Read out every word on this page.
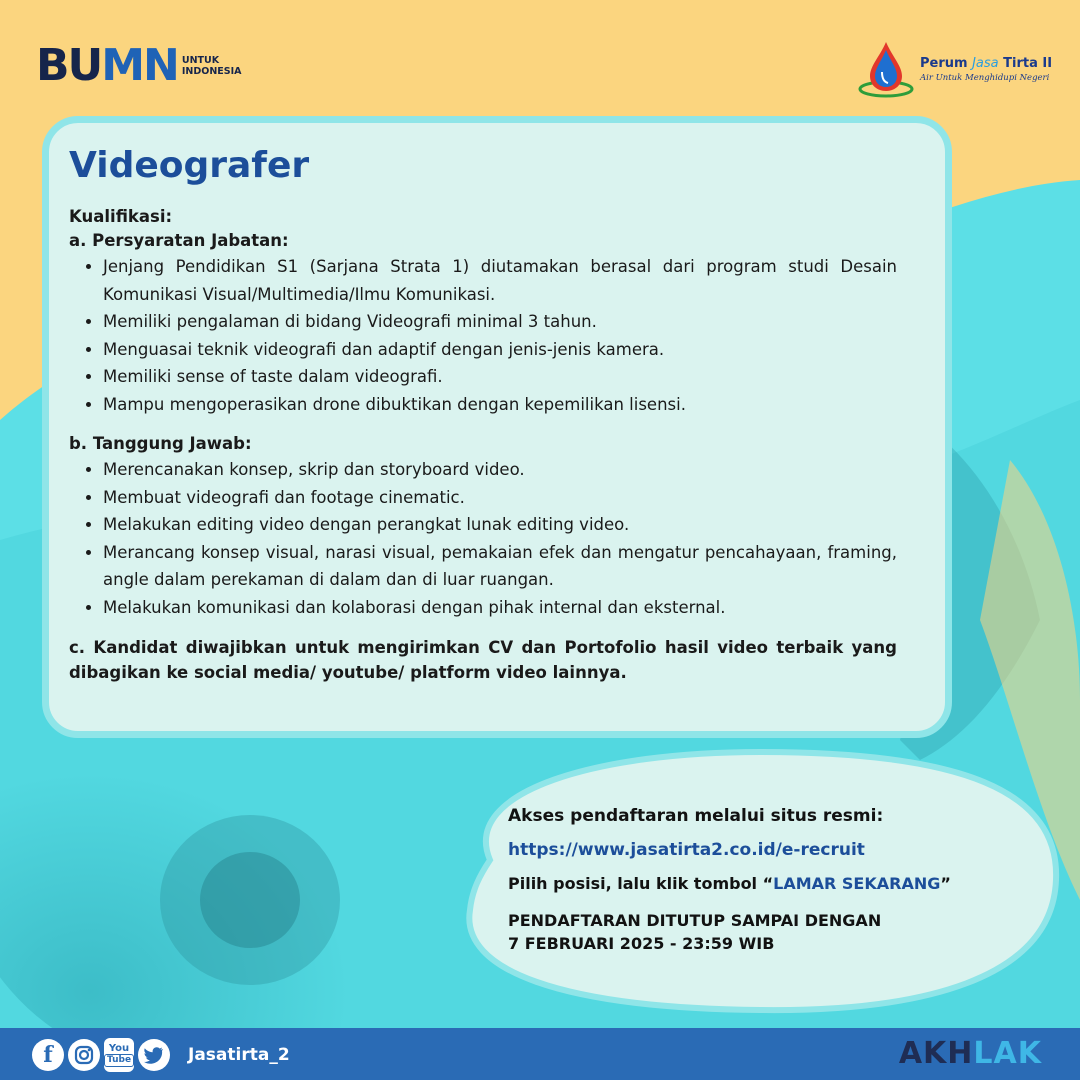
BUMN UNTUK
INDONESIA
Perum Jasa Tirta II
Air Untuk Menghidupi Negeri
Videografer

Kualifikasi:

a. Persyaratan Jabatan:

• Jenjang Pendidikan S1 (Sarjana Strata 1) diutamakan berasal dari program studi Desain Komunikasi Visual/Multimedia/Ilmu Komunikasi.
• Memiliki pengalaman di bidang Videografi minimal 3 tahun.
• Menguasai teknik videografi dan adaptif dengan jenis-jenis kamera.
• Memiliki sense of taste dalam videografi.
• Mampu mengoperasikan drone dibuktikan dengan kepemilikan lisensi.

b. Tanggung Jawab:

• Merencanakan konsep, skrip dan storyboard video.
• Membuat videografi dan footage cinematic.
• Melakukan editing video dengan perangkat lunak editing video.
• Merancang konsep visual, narasi visual, pemakaian efek dan mengatur pencahayaan, framing, angle dalam perekaman di dalam dan di luar ruangan.
• Melakukan komunikasi dan kolaborasi dengan pihak internal dan eksternal.

c. Kandidat diwajibkan untuk mengirimkan CV dan Portofolio hasil video terbaik yang dibagikan ke social media/ youtube/ platform video lainnya.

Akses pendaftaran melalui situs resmi:
https://www.jasatirta2.co.id/e-recruit
Pilih posisi, lalu klik tombol “LAMAR SEKARANG”
PENDAFTARAN DITUTUP SAMPAI DENGAN
7 FEBRUARI 2025 - 23:59 WIB
f	You
Tube	Jasatirta_2	AKHLAK
